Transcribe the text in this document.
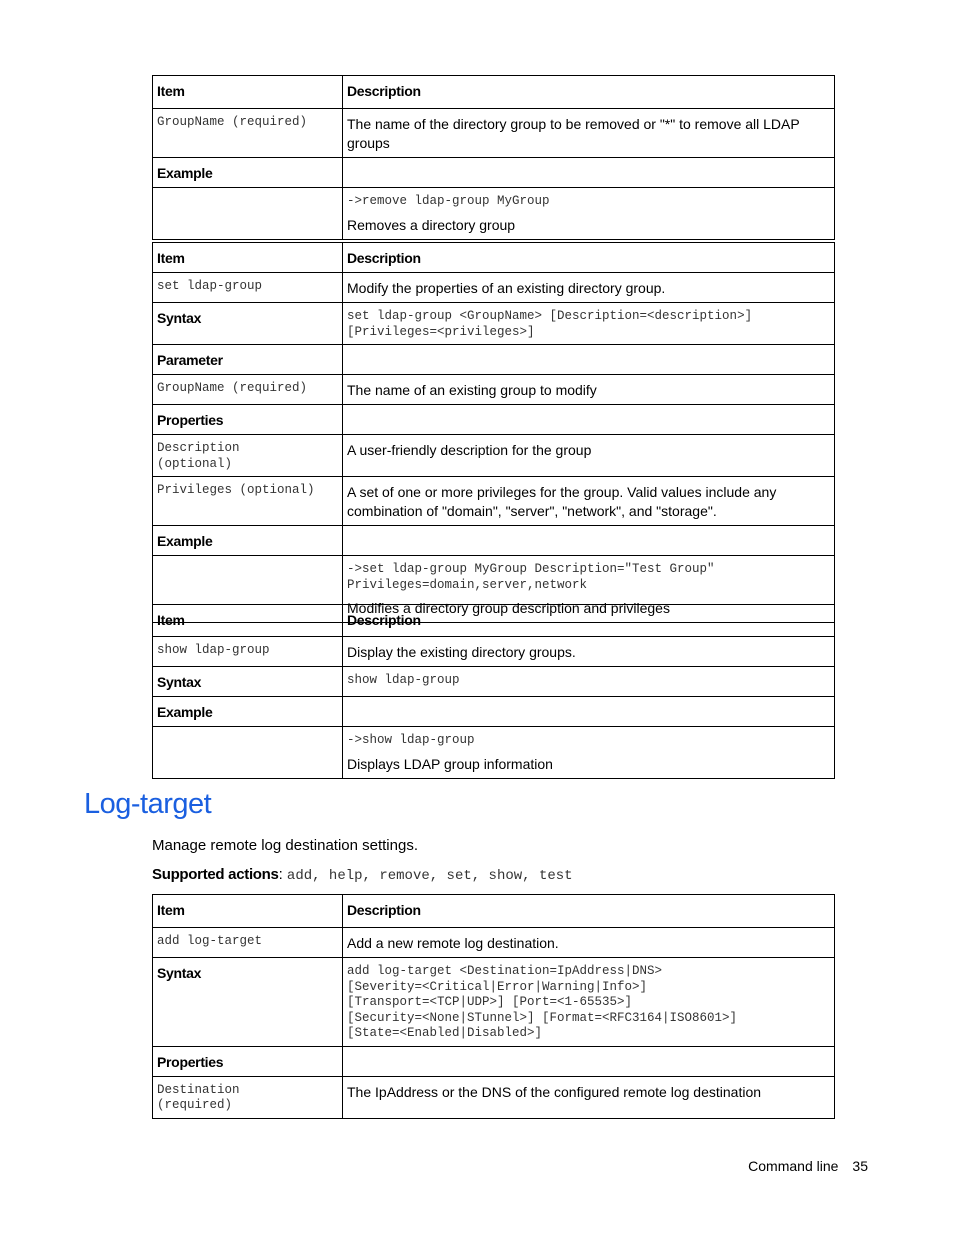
Item	Description

GroupName (required)	The name of the directory group to be removed or "*" to remove all LDAP groups

Example	

	->remove ldap-group MyGroup
Removes a directory group
Item	Description

set ldap-group	Modify the properties of an existing directory group.

Syntax	set ldap-group <GroupName> [Description=<description>]
[Privileges=<privileges>]

Parameter	

GroupName (required)	The name of an existing group to modify

Properties	

Description
(optional)	A user-friendly description for the group

Privileges (optional)	A set of one or more privileges for the group. Valid values include any combination of "domain", "server", "network", and "storage".

Example	

	->set ldap-group MyGroup Description="Test Group"
Privileges=domain,server,network
Modifies a directory group description and privileges
Item	Description

show ldap-group	Display the existing directory groups.

Syntax	show ldap-group

Example	

	->show ldap-group
Displays LDAP group information
Log-target
Manage remote log destination settings.
Supported actions: add, help, remove, set, show, test
Item	Description

add log-target	Add a new remote log destination.

Syntax	add log-target <Destination=IpAddress|DNS>
[Severity=<Critical|Error|Warning|Info>]
[Transport=<TCP|UDP>] [Port=<1-65535>]
[Security=<None|STunnel>] [Format=<RFC3164|ISO8601>]
[State=<Enabled|Disabled>]

Properties	

Destination
(required)	The IpAddress or the DNS of the configured remote log destination
Command line 35
